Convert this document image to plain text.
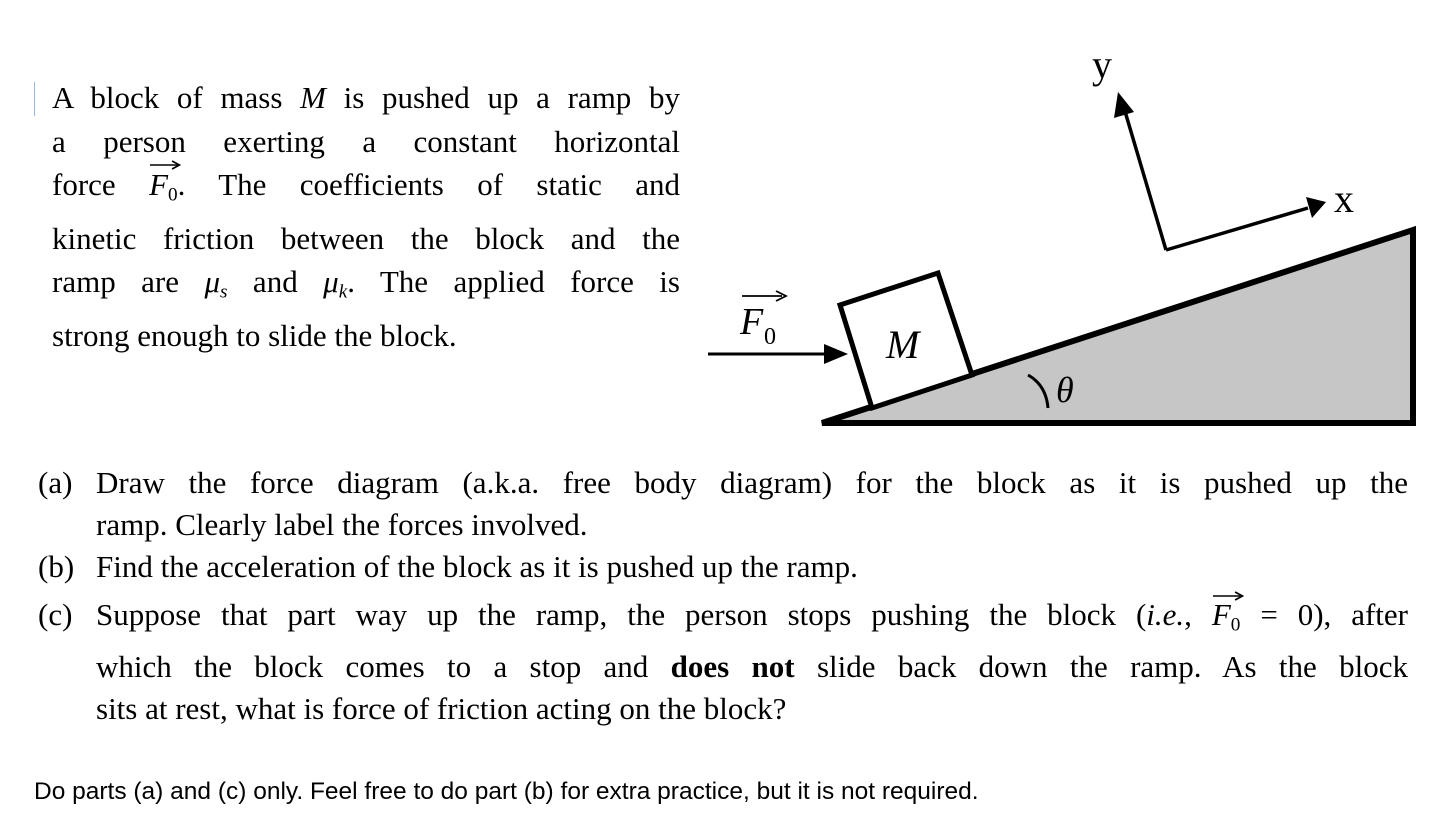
A block of mass M is pushed up a ramp by
a person exerting a constant horizontal
force
$F_0$. The coefficients of static and
kinetic friction between the block and the
ramp are $\mu_s$ and $\mu_k$. The applied force is
strong enough to slide the block.	M
F 0
θ
y
x
(a) Draw the force diagram (a.k.a. free body diagram) for the block as it is pushed up the
ramp. Clearly label the forces involved.
(b) Find the acceleration of the block as it is pushed up the ramp.
(c) Suppose that part way up the ramp, the person stops pushing the block (i.e.,
$F_0 = 0$), after
which the block comes to a stop and does not slide back down the ramp. As the block
sits at rest, what is force of friction acting on the block?
Do parts (a) and (c) only. Feel free to do part (b) for extra practice, but it is not required.
